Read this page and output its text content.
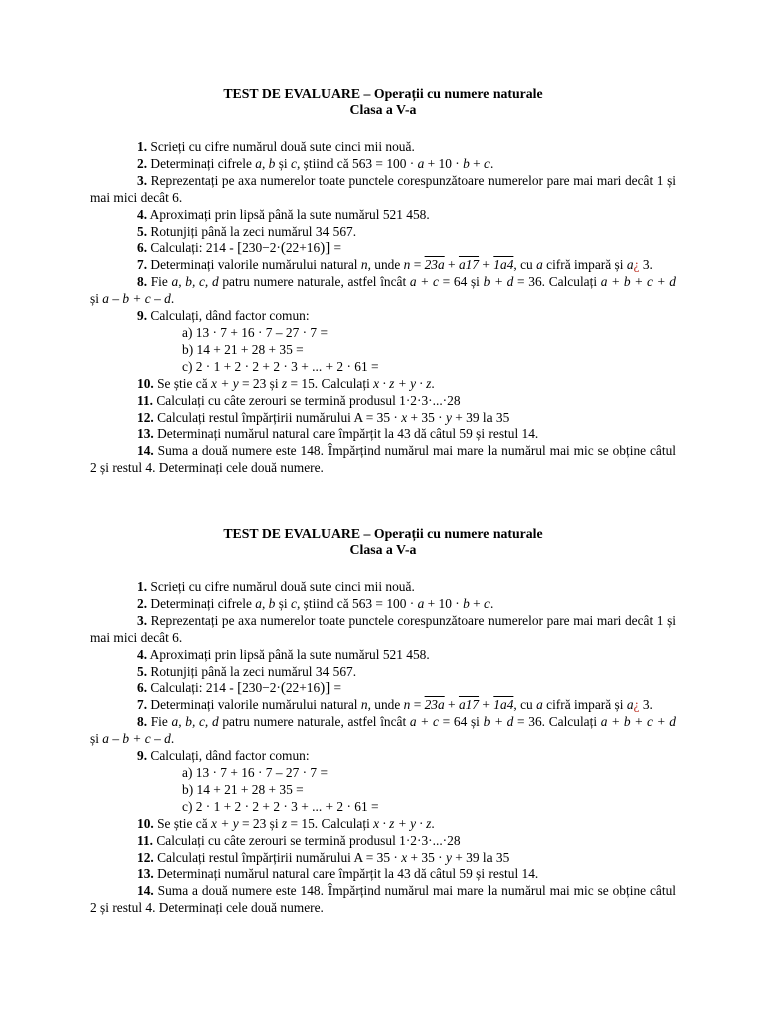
TEST DE EVALUARE – Operații cu numere naturale
Clasa a V-a
1. Scrieți cu cifre numărul două sute cinci mii nouă.
2. Determinați cifrele a, b și c, știind că 563 = 100 · a + 10 · b + c.
3. Reprezentați pe axa numerelor toate punctele corespunzătoare numerelor pare mai mari decât 1 și mai mici decât 6.
4. Aproximați prin lipsă până la sute numărul 521 458.
5. Rotunjiți până la zeci numărul 34 567.
6. Calculați: 214 - [230−2·(22+16)] =
7. Determinați valorile numărului natural n, unde n = 23a + a17 + 1a4, cu a cifră impară și a¿ 3.
8. Fie a, b, c, d patru numere naturale, astfel încât a + c = 64 și b + d = 36. Calculați a + b + c + d și a – b + c – d.
9. Calculați, dând factor comun:
a) 13 · 7 + 16 · 7 – 27 · 7 =
b) 14 + 21 + 28 + 35 =
c) 2 · 1 + 2 · 2 + 2 · 3 + ... + 2 · 61 =
10. Se știe că x + y = 23 și z = 15. Calculați x · z + y · z.
11. Calculați cu câte zerouri se termină produsul 1·2·3·...·28
12. Calculați restul împărțirii numărului A = 35 · x + 35 · y + 39 la 35
13. Determinați numărul natural care împărțit la 43 dă câtul 59 și restul 14.
14. Suma a două numere este 148. Împărțind numărul mai mare la numărul mai mic se obține câtul 2 și restul 4. Determinați cele două numere.
TEST DE EVALUARE – Operații cu numere naturale
Clasa a V-a
1. Scrieți cu cifre numărul două sute cinci mii nouă.
2. Determinați cifrele a, b și c, știind că 563 = 100 · a + 10 · b + c.
3. Reprezentați pe axa numerelor toate punctele corespunzătoare numerelor pare mai mari decât 1 și mai mici decât 6.
4. Aproximați prin lipsă până la sute numărul 521 458.
5. Rotunjiți până la zeci numărul 34 567.
6. Calculați: 214 - [230−2·(22+16)] =
7. Determinați valorile numărului natural n, unde n = 23a + a17 + 1a4, cu a cifră impară și a¿ 3.
8. Fie a, b, c, d patru numere naturale, astfel încât a + c = 64 și b + d = 36. Calculați a + b + c + d și a – b + c – d.
9. Calculați, dând factor comun:
a) 13 · 7 + 16 · 7 – 27 · 7 =
b) 14 + 21 + 28 + 35 =
c) 2 · 1 + 2 · 2 + 2 · 3 + ... + 2 · 61 =
10. Se știe că x + y = 23 și z = 15. Calculați x · z + y · z.
11. Calculați cu câte zerouri se termină produsul 1·2·3·...·28
12. Calculați restul împărțirii numărului A = 35 · x + 35 · y + 39 la 35
13. Determinați numărul natural care împărțit la 43 dă câtul 59 și restul 14.
14. Suma a două numere este 148. Împărțind numărul mai mare la numărul mai mic se obține câtul 2 și restul 4. Determinați cele două numere.
